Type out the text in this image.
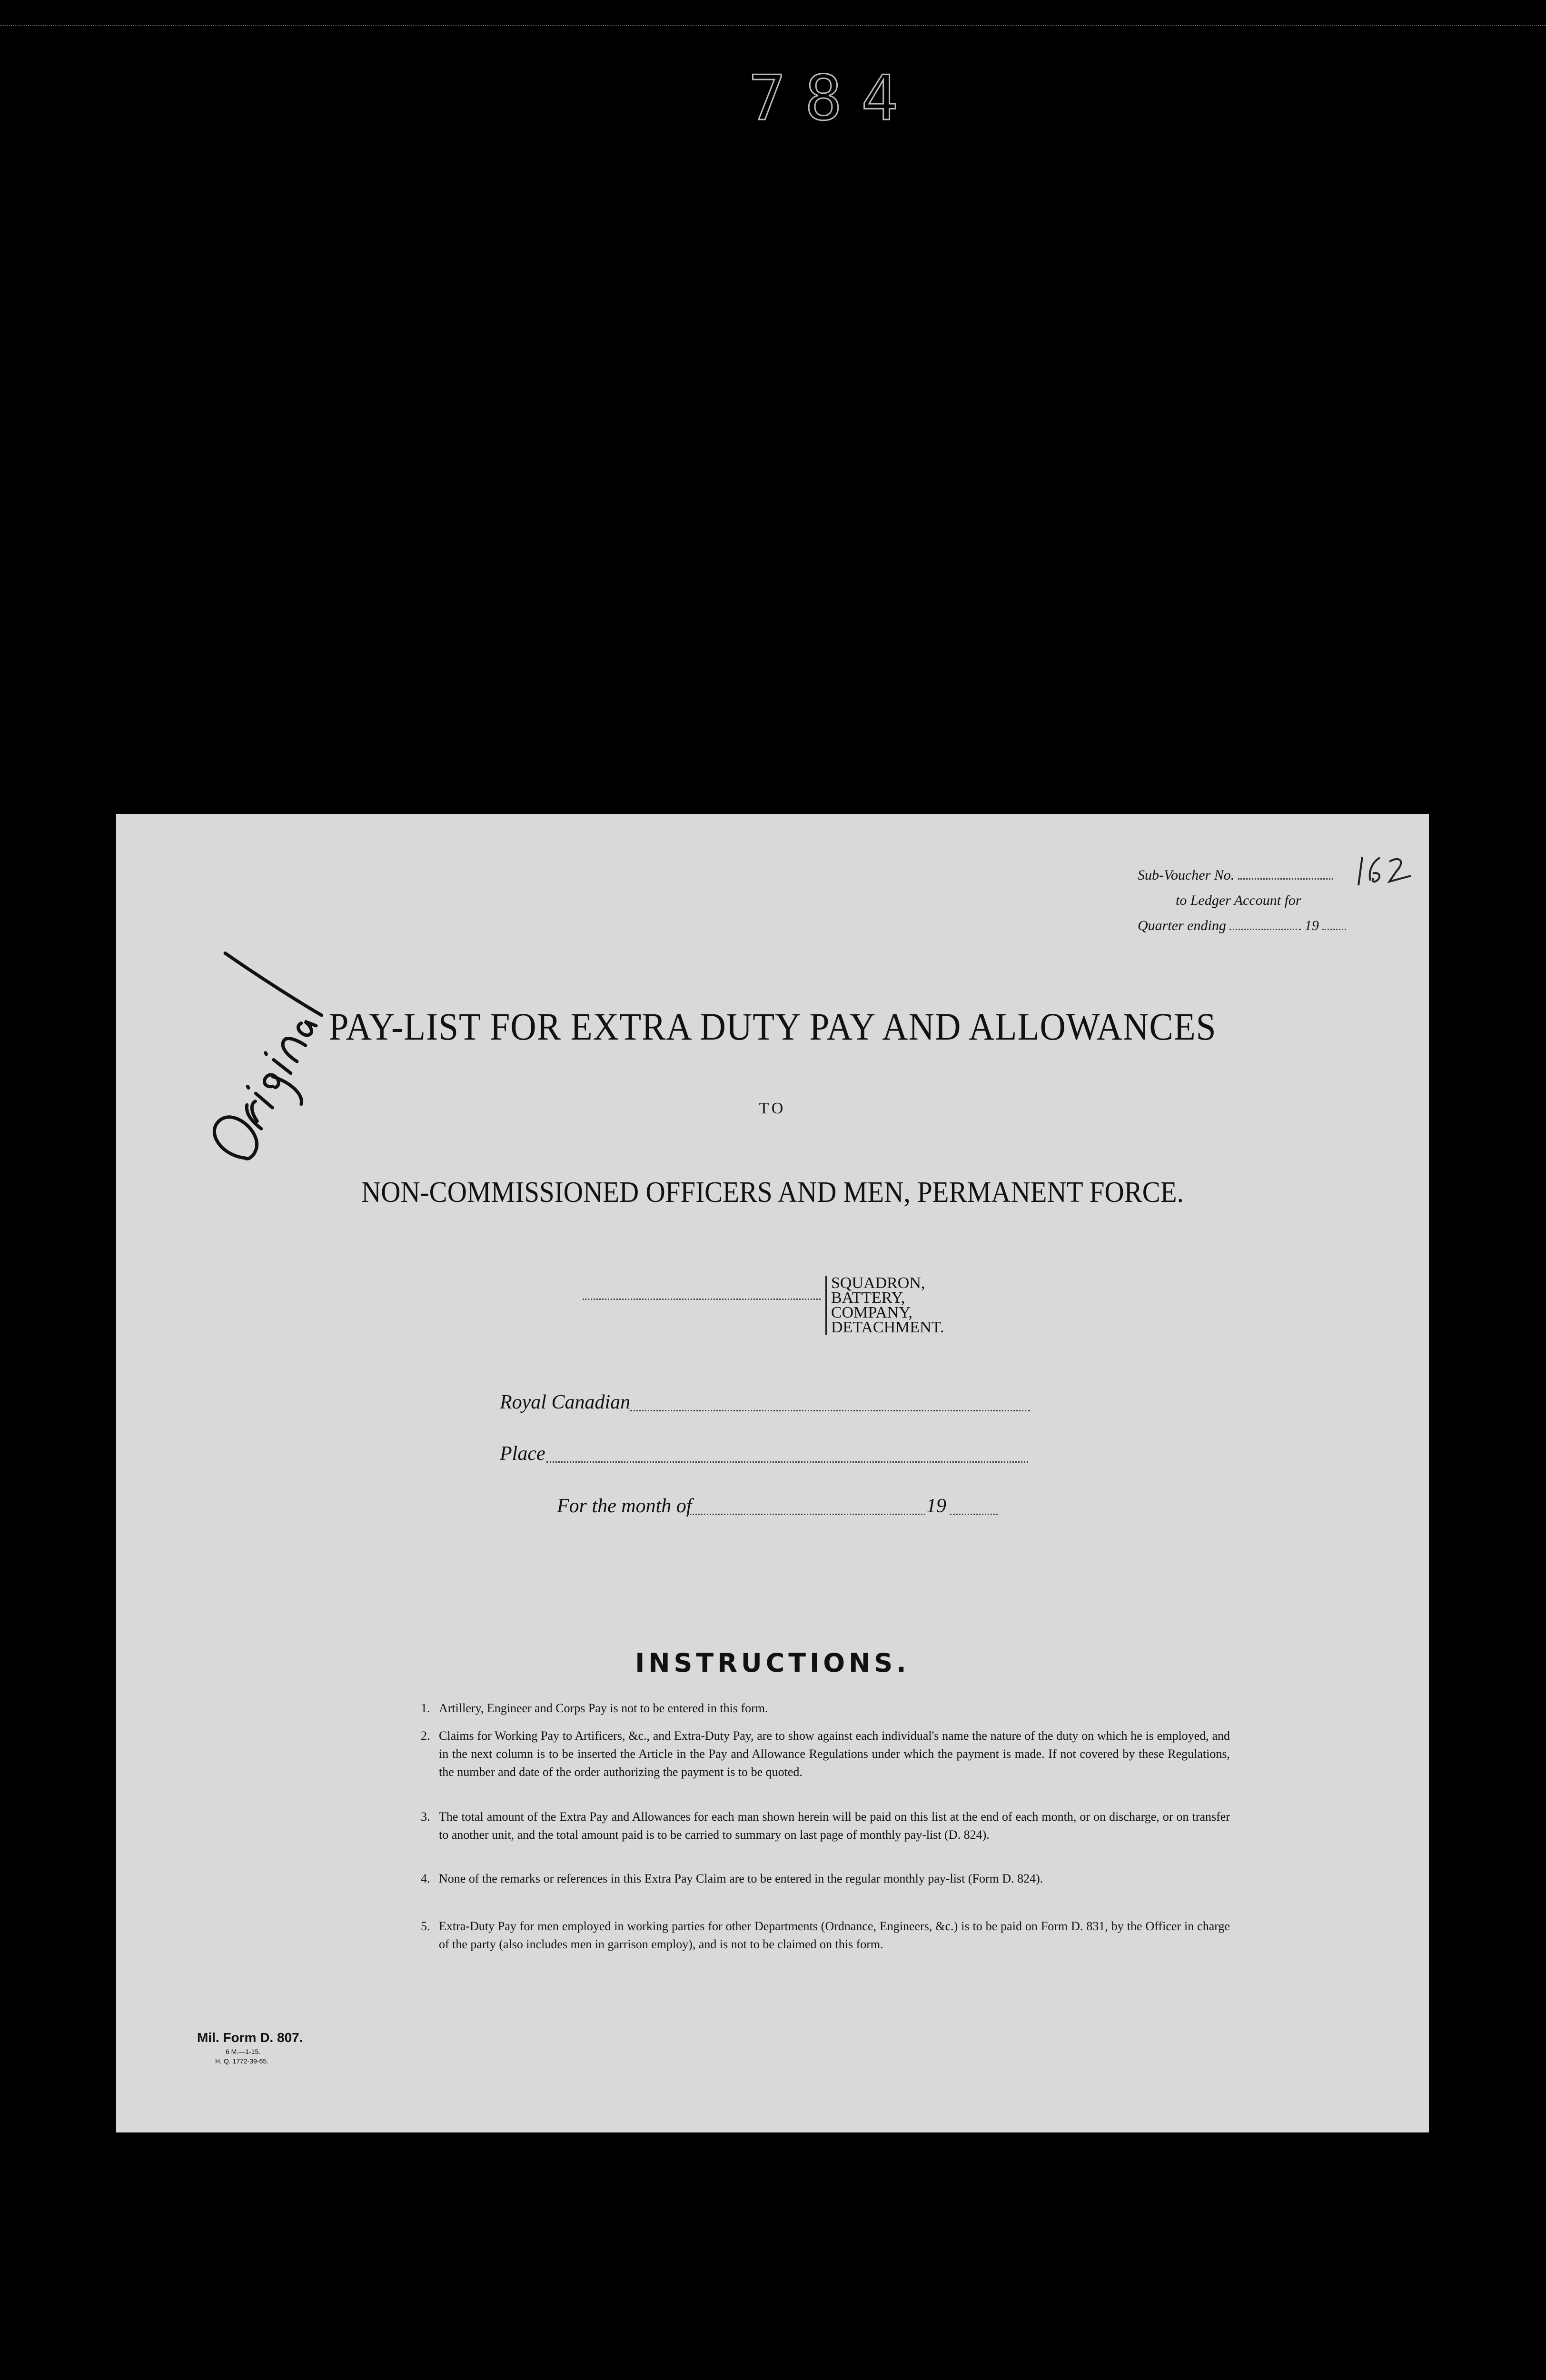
784
Sub-Voucher No.
to Ledger Account for
Quarter ending	19
162
PAY-LIST FOR EXTRA DUTY PAY AND ALLOWANCES
TO
NON-COMMISSIONED OFFICERS AND MEN, PERMANENT FORCE.
SQUADRON,
BATTERY,
COMPANY,
DETACHMENT.
Royal Canadian
Place
For the month of	19
INSTRUCTIONS.
1. Artillery, Engineer and Corps Pay is not to be entered in this form.
2. Claims for Working Pay to Artificers, &c., and Extra-Duty Pay, are to show against each individual's name the nature of the duty on which he is employed, and in the next column is to be inserted the Article in the Pay and Allowance Regulations under which the payment is made. If not covered by these Regulations, the number and date of the order authorizing the payment is to be quoted.
3. The total amount of the Extra Pay and Allowances for each man shown herein will be paid on this list at the end of each month, or on discharge, or on transfer to another unit, and the total amount paid is to be carried to summary on last page of monthly pay-list (D. 824).
4. None of the remarks or references in this Extra Pay Claim are to be entered in the regular monthly pay-list (Form D. 824).
5. Extra-Duty Pay for men employed in working parties for other Departments (Ordnance, Engineers, &c.) is to be paid on Form D. 831, by the Officer in charge of the party (also includes men in garrison employ), and is not to be claimed on this form.
Mil. Form D. 807.
6 M.—1-15.
H. Q. 1772-39-65.
